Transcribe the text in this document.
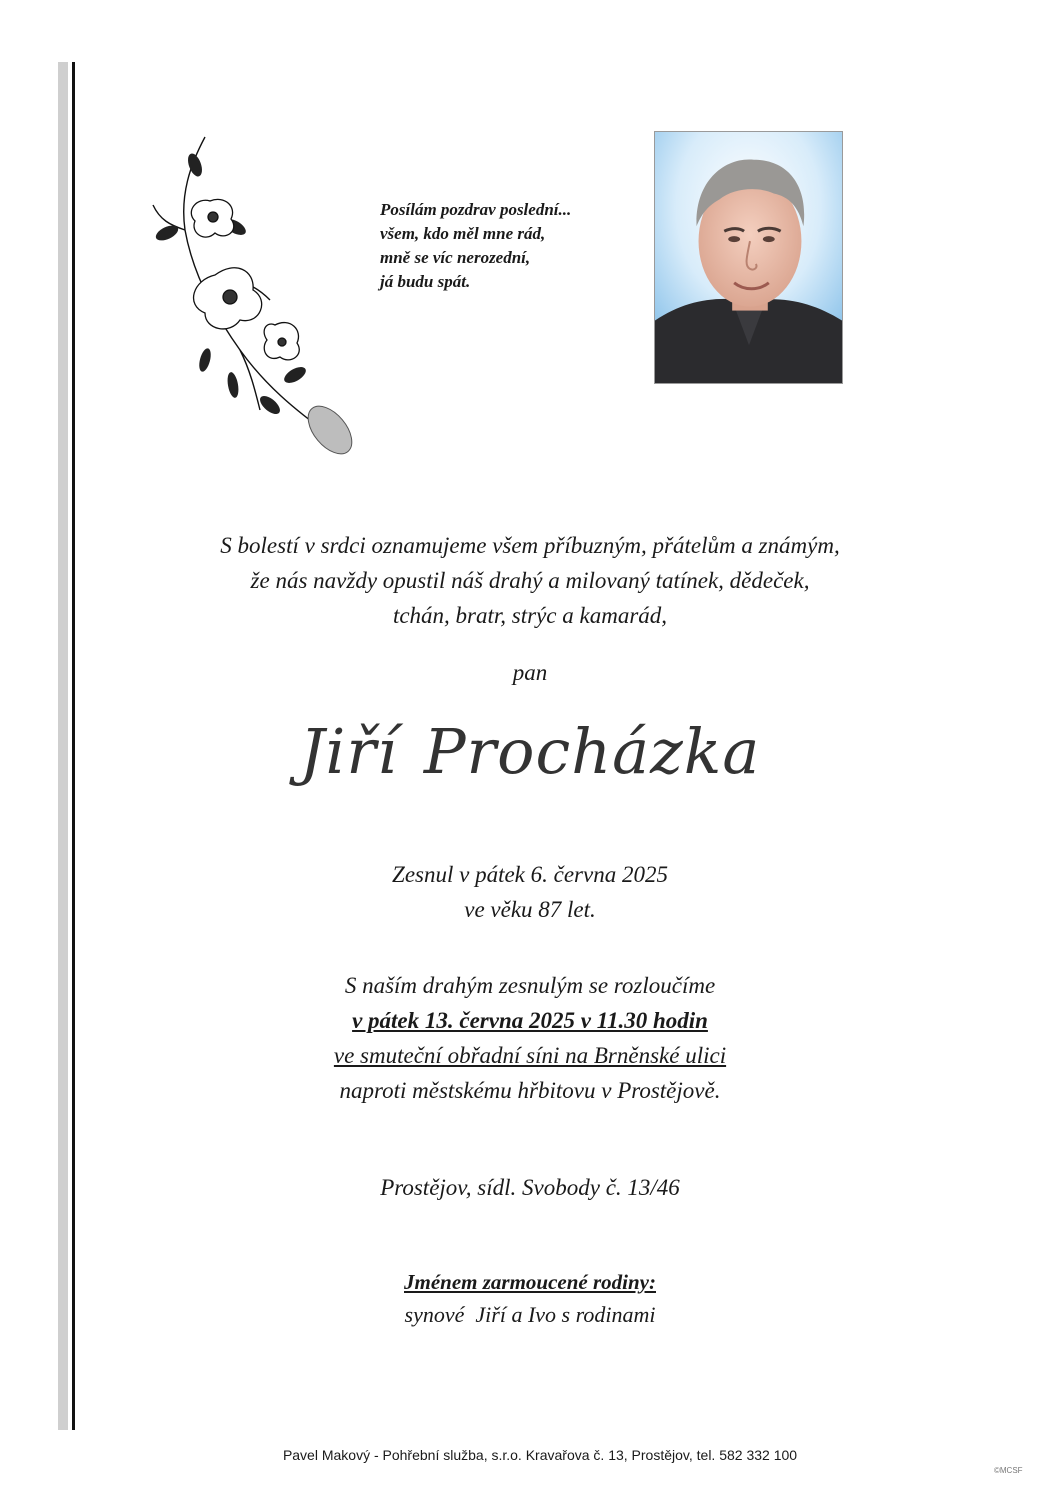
Posílám pozdrav poslední...
všem, kdo měl mne rád,
mně se víc nerozední,
já budu spát.
S bolestí v srdci oznamujeme všem příbuzným, přátelům a známým,
že nás navždy opustil náš drahý a milovaný tatínek, dědeček,
tchán, bratr, strýc a kamarád,
pan
Jiří Procházka
Zesnul v pátek 6. června 2025
ve věku 87 let.
S naším drahým zesnulým se rozloučíme
v pátek 13. června 2025 v 11.30 hodin
ve smuteční obřadní síni na Brněnské ulici
naproti městskému hřbitovu v Prostějově.
Prostějov, sídl. Svobody č. 13/46
Jménem zarmoucené rodiny:
synové  Jiří a Ivo s rodinami
Pavel Makový - Pohřební služba, s.r.o. Kravařova č. 13, Prostějov, tel. 582 332 100
©MCSF
